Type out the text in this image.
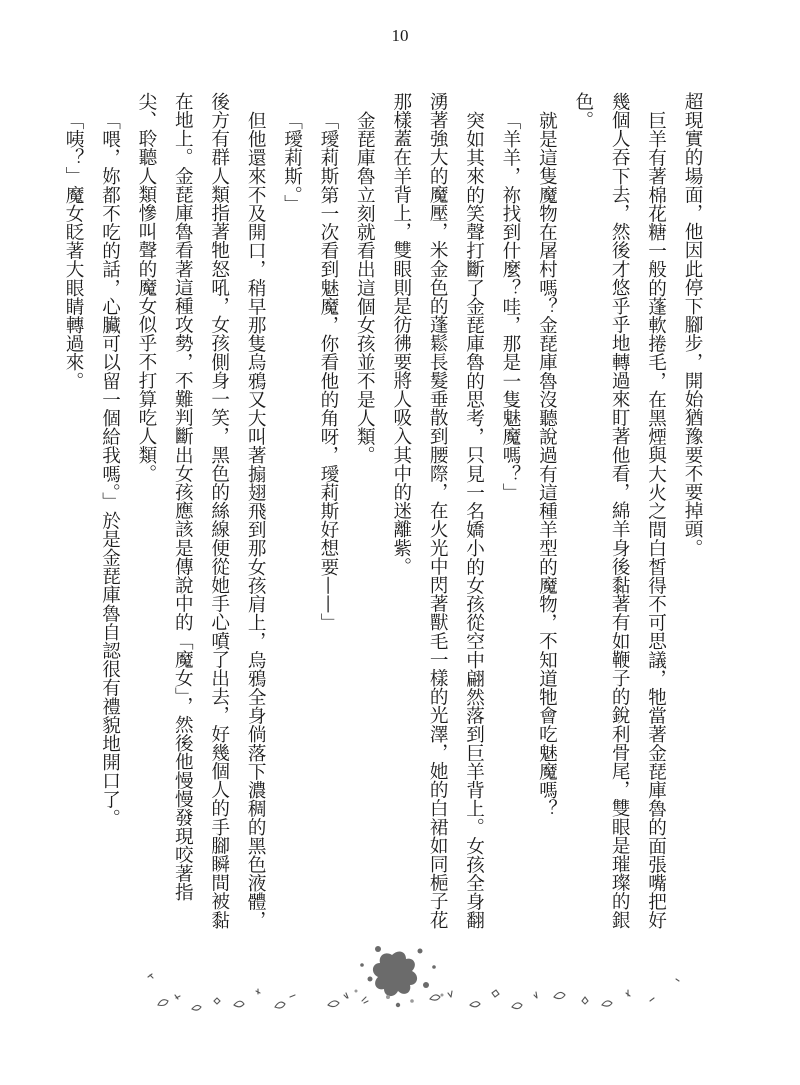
10

超現實的場面，他因此停下腳步，開始猶豫要不要掉頭。

巨羊有著棉花糖一般的蓬軟捲毛，在黑煙與大火之間白皙得不可思議，牠當著金琵庫魯的面張嘴把好幾個人吞下去，然後才悠乎乎地轉過來盯著他看，綿羊身後黏著有如鞭子的銳利骨尾，雙眼是璀璨的銀色。

就是這隻魔物在屠村嗎？金琵庫魯沒聽說過有這種羊型的魔物，不知道牠會吃魅魔嗎？

「羊羊，祢找到什麼？哇，那是一隻魅魔嗎？」

突如其來的笑聲打斷了金琵庫魯的思考，只見一名嬌小的女孩從空中翩然落到巨羊背上。女孩全身翻湧著強大的魔壓，米金色的蓬鬆長髮垂散到腰際，在火光中閃著獸毛一樣的光澤，她的白裙如同梔子花那樣蓋在羊背上，雙眼則是彷彿要將人吸入其中的迷離紫。

金琵庫魯立刻就看出這個女孩並不是人類。

「璦莉斯第一次看到魅魔，你看他的角呀，璦莉斯好想要——」

「璦莉斯。」

但他還來不及開口，稍早那隻烏鴉又大叫著搧翅飛到那女孩肩上，烏鴉全身倘落下濃稠的黑色液體，後方有群人類指著牠怒吼，女孩側身一笑，黑色的絲線便從她手心噴了出去，好幾個人的手腳瞬間被黏在地上。金琵庫魯看著這種攻勢，不難判斷出女孩應該是傳說中的「魔女」，然後他慢慢發現咬著指尖、聆聽人類慘叫聲的魔女似乎不打算吃人類。

「喂，妳都不吃的話，心臟可以留一個給我嗎。」於是金琵庫魯自認很有禮貌地開口了。

「咦？」魔女眨著大眼睛轉過來。
